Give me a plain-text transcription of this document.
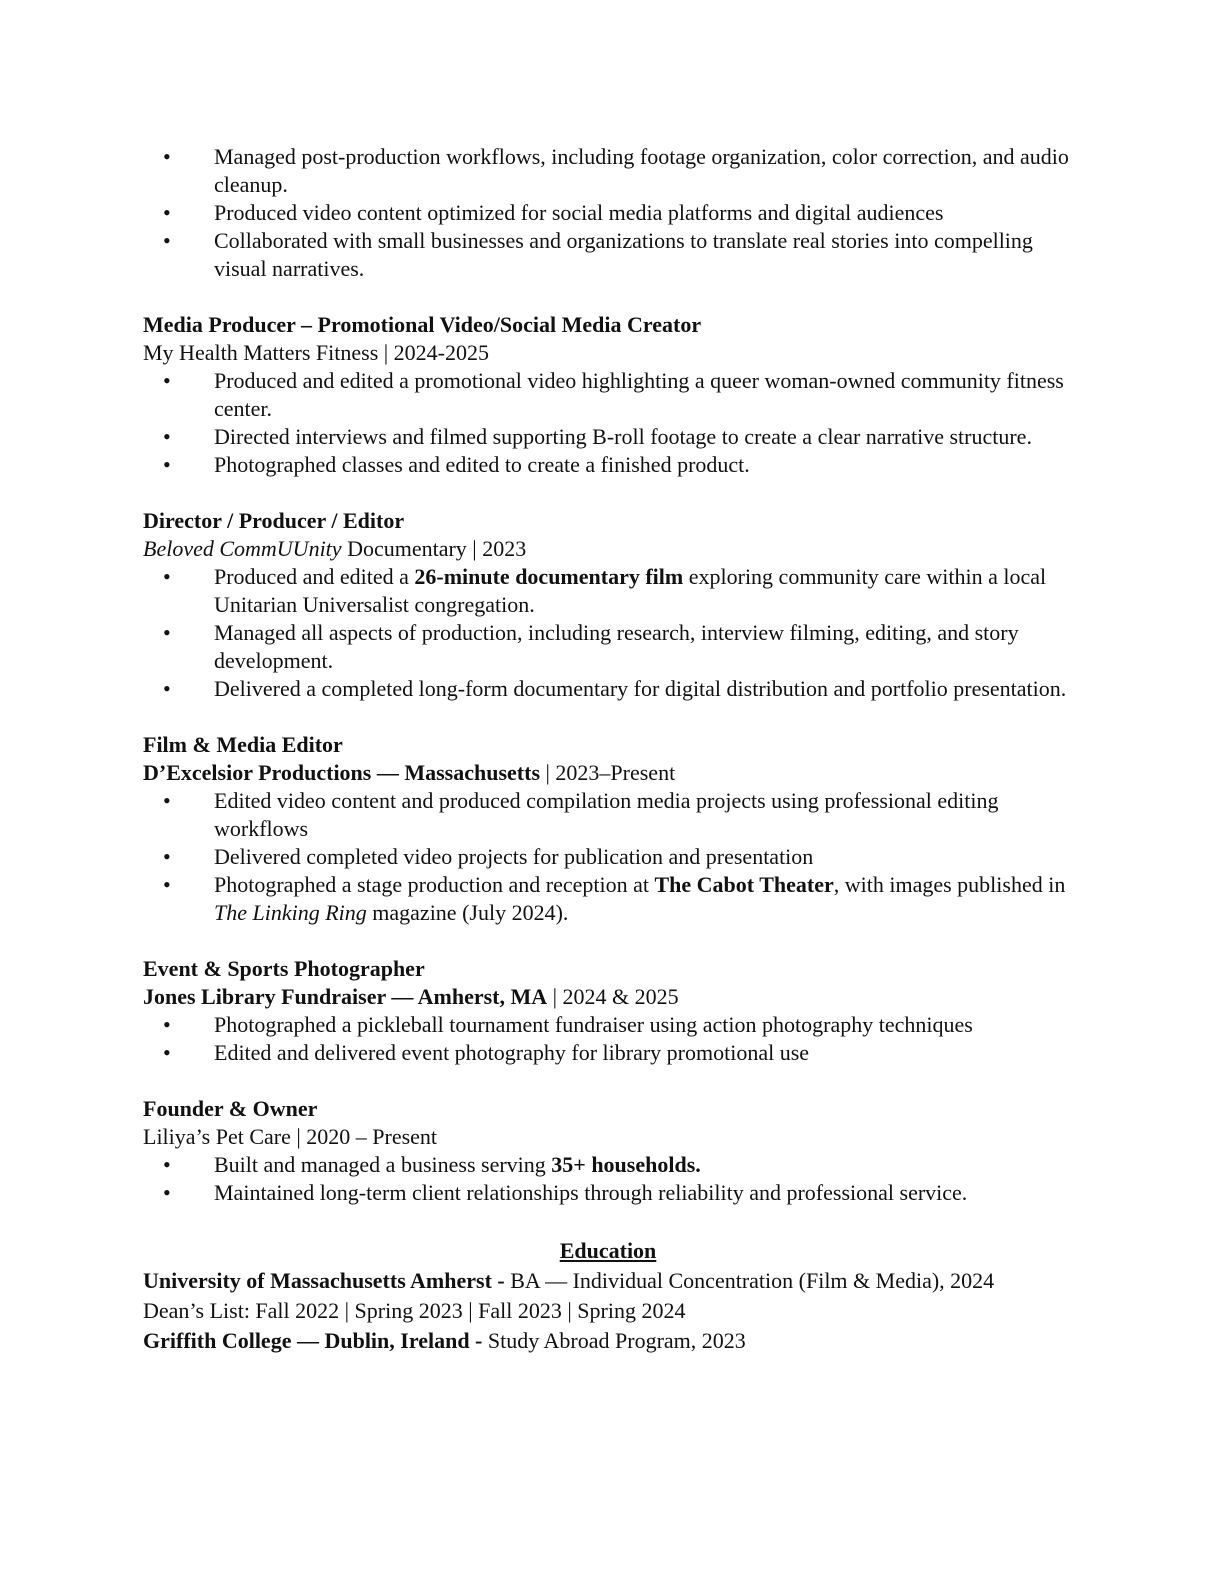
• Managed post-production workflows, including footage organization, color correction, and audio cleanup.
• Produced video content optimized for social media platforms and digital audiences
• Collaborated with small businesses and organizations to translate real stories into compelling visual narratives.
Media Producer – Promotional Video/Social Media Creator
My Health Matters Fitness | 2024-2025
• Produced and edited a promotional video highlighting a queer woman-owned community fitness center.
• Directed interviews and filmed supporting B-roll footage to create a clear narrative structure.
• Photographed classes and edited to create a finished product.
Director / Producer / Editor
Beloved CommUUnity Documentary | 2023
• Produced and edited a 26-minute documentary film exploring community care within a local Unitarian Universalist congregation.
• Managed all aspects of production, including research, interview filming, editing, and story development.
• Delivered a completed long-form documentary for digital distribution and portfolio presentation.
Film & Media Editor
D’Excelsior Productions — Massachusetts | 2023–Present
• Edited video content and produced compilation media projects using professional editing workflows
• Delivered completed video projects for publication and presentation
• Photographed a stage production and reception at The Cabot Theater, with images published in The Linking Ring magazine (July 2024).
Event & Sports Photographer
Jones Library Fundraiser — Amherst, MA | 2024 & 2025
• Photographed a pickleball tournament fundraiser using action photography techniques
• Edited and delivered event photography for library promotional use
Founder & Owner
Liliya’s Pet Care | 2020 – Present
• Built and managed a business serving 35+ households.
• Maintained long-term client relationships through reliability and professional service.
Education
University of Massachusetts Amherst - BA — Individual Concentration (Film & Media), 2024
Dean’s List: Fall 2022 | Spring 2023 | Fall 2023 | Spring 2024
Griffith College — Dublin, Ireland - Study Abroad Program, 2023
